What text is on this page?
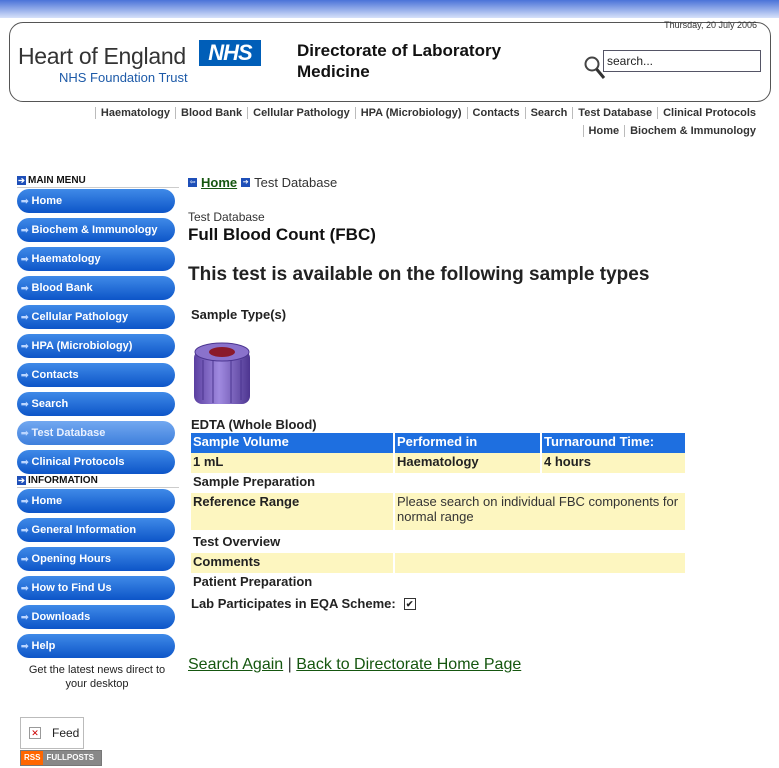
Thursday, 20 July 2006
Heart of England
NHS Foundation Trust
NHS	Directorate of Laboratory Medicine
search...
Haematology Blood Bank Cellular Pathology HPA (Microbiology) Contacts Search Test Database Clinical Protocols
Home Biochem & Immunology
➔ MAIN MENU
➡ Home
➡ Biochem & Immunology
➡ Haematology
➡ Blood Bank
➡ Cellular Pathology
➡ HPA (Microbiology)
➡ Contacts
➡ Search
➡ Test Database
➡ Clinical Protocols
➔ INFORMATION
➡ Home
➡ General Information
➡ Opening Hours
➡ How to Find Us
➡ Downloads
➡ Help
Get the latest news direct to your desktop
✕ Feed
RSS FULLPOSTS
⇦ Home ➔ Test Database
Test Database
Full Blood Count (FBC)
This test is available on the following sample types
Sample Type(s)
EDTA (Whole Blood)
Sample Volume	Performed in	Turnaround Time:
1 mL	Haematology	4 hours
Sample Preparation		
Reference Range	Please search on individual FBC components for normal range	
Test Overview		
Comments		
Patient Preparation		
Lab Participates in EQA Scheme: ✔
Search Again | Back to Directorate Home Page
